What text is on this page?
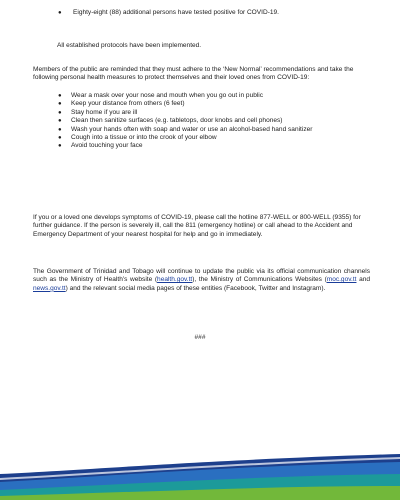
● Eighty-eight (88) additional persons have tested positive for COVID-19.

All established protocols have been implemented.

Members of the public are reminded that they must adhere to the ‘New Normal’ recommendations and take the following personal health measures to protect themselves and their loved ones from COVID-19:

● Wear a mask over your nose and mouth when you go out in public
● Keep your distance from others (6 feet)
● Stay home if you are ill
● Clean then sanitize surfaces (e.g. tabletops, door knobs and cell phones)
● Wash your hands often with soap and water or use an alcohol-based hand sanitizer
● Cough into a tissue or into the crook of your elbow
● Avoid touching your face

If you or a loved one develops symptoms of COVID-19, please call the hotline 877-WELL or 800-WELL (9355) for further guidance. If the person is severely ill, call the 811 (emergency hotline) or call ahead to the Accident and Emergency Department of your nearest hospital for help and go in immediately.

The Government of Trinidad and Tobago will continue to update the public via its official communication channels such as the Ministry of Health’s website (health.gov.tt), the Ministry of Communications Websites (moc.gov.tt and news.gov.tt) and the relevant social media pages of these entities (Facebook, Twitter and Instagram).

###
